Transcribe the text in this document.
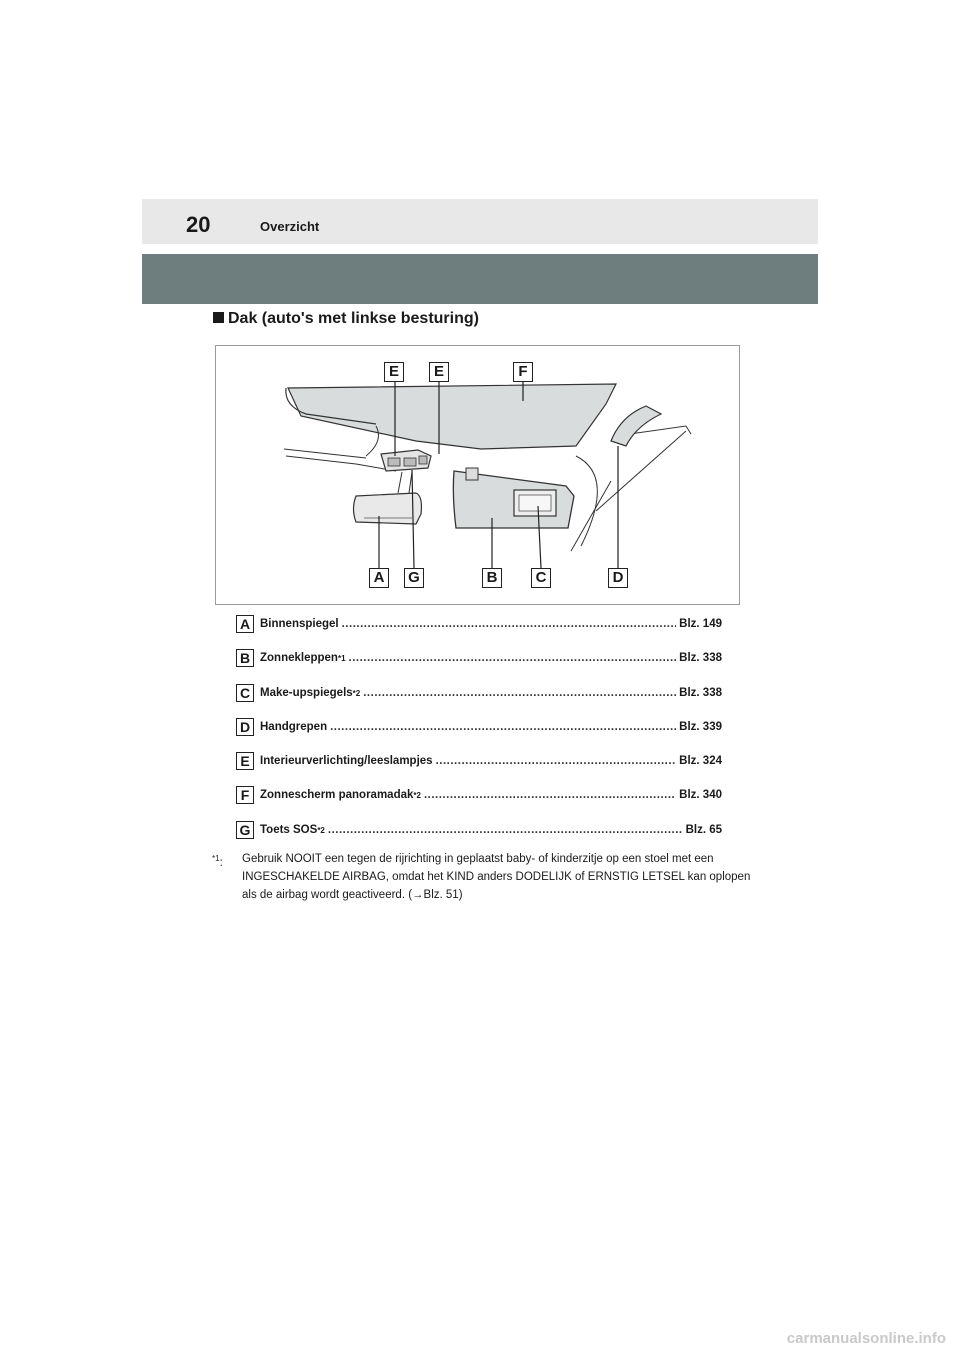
20	Overzicht
Dak (auto's met linkse besturing)
E	E	F
A	G	B	C	D
A Binnenspiegel .....	Blz. 149
B Zonnekleppen *1 .....	Blz. 338
C Make-upspiegels *2 .....	Blz. 338
D Handgrepen .....	Blz. 339
E Interieurverlichting/leeslampjes .....	Blz. 324
F Zonnescherm panoramadak *2 .....	Blz. 340
G Toets SOS *2 .....	Blz. 65
$^{*1}$:	Gebruik NOOIT een tegen de rijrichting in geplaatst baby- of kinderzitje op een stoel met een INGESCHAKELDE AIRBAG, omdat het KIND anders DODELIJK of ERNSTIG LETSEL kan oplopen als de airbag wordt geactiveerd. (→Blz. 51)
carmanualsonline.info
